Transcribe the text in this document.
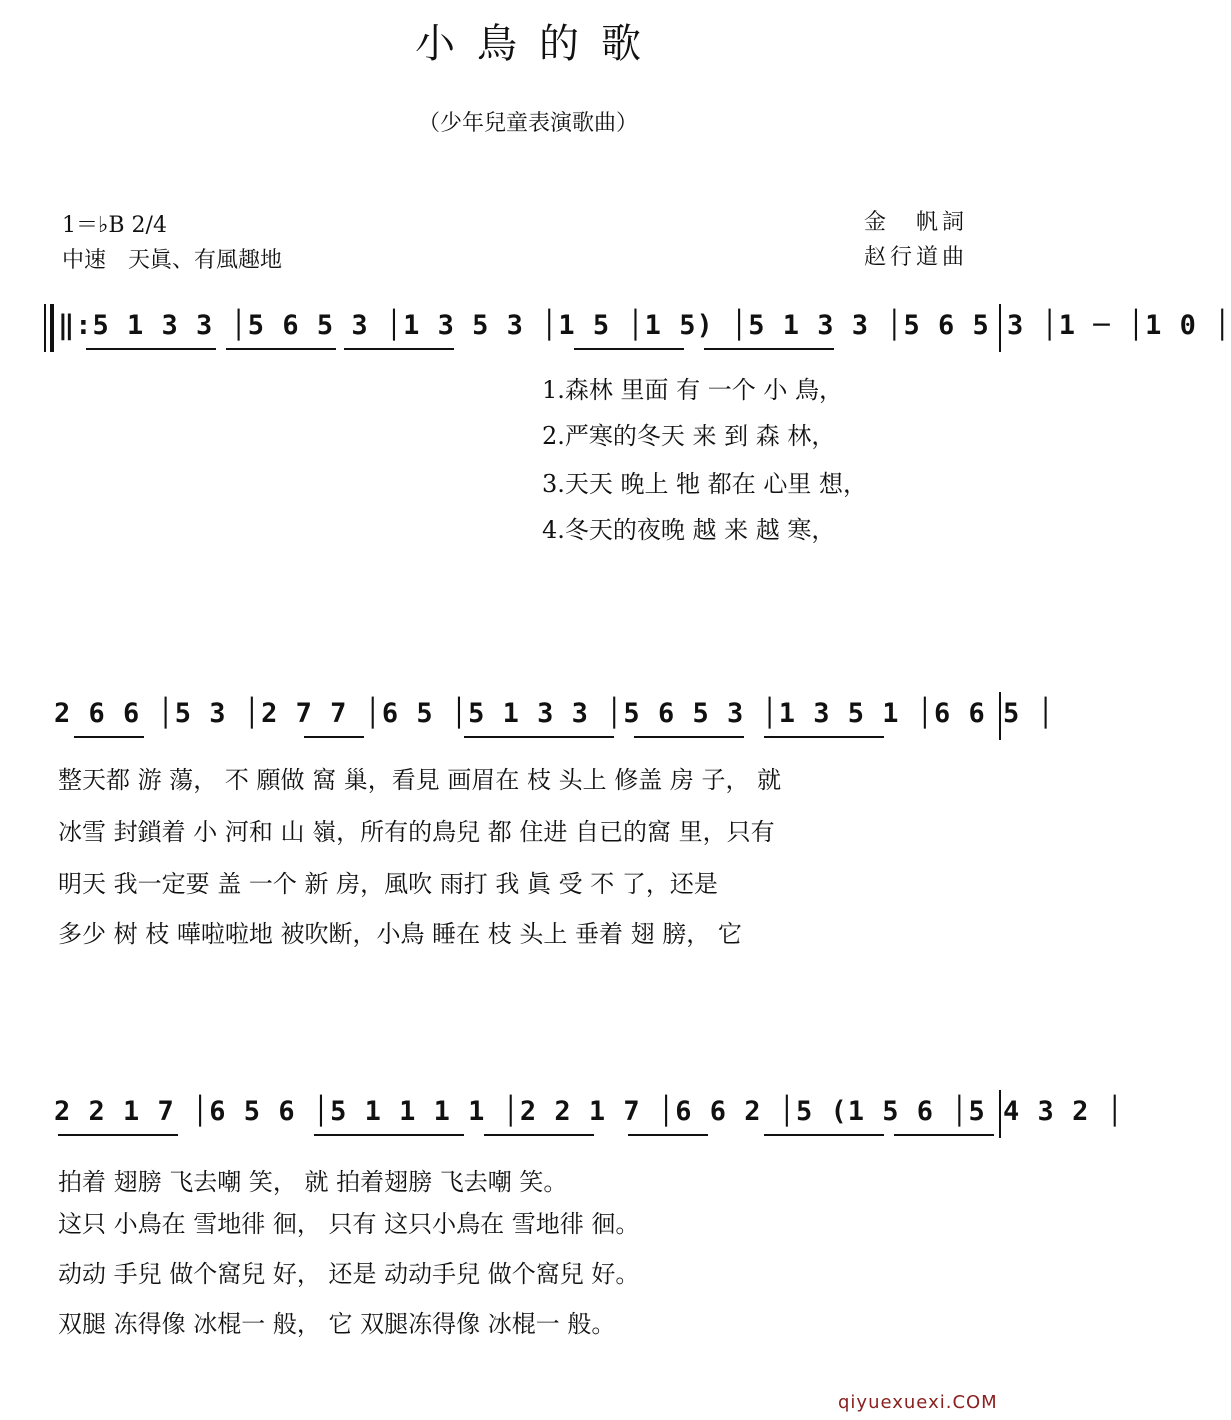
小鳥的歌
（少年兒童表演歌曲）
1＝♭B 2/4
中速　天眞、有風趣地
金　帆詞
赵行道曲
‖:5 1 3 3 │5 6 5 3 │1 3 5 3 │1 5 │1 5) │5 1 3 3 │5 6 5 3 │1 ─ │1 0 │
1.森林 里面 有 一个 小 鳥，
2.严寒的冬天 来 到 森 林，
3.天天 晚上 牠 都在 心里 想，
4.冬天的夜晚 越 来 越 寒，
2 6 6 │5 3 │2 7 7 │6 5 │5 1 3 3 │5 6 5 3 │1 3 5 1 │6 6 5 │
整天都 游 蕩， 不 願做 窩 巢，看見 画眉在 枝 头上 修盖 房 子， 就
冰雪 封鎖着 小 河和 山 嶺，所有的鳥兒 都 住进 自已的窩 里，只有
明天 我一定要 盖 一个 新 房，風吹 雨打 我 眞 受 不 了，还是
多少 树 枝 嘩啦啦地 被吹断，小鳥 睡在 枝 头上 垂着 翅 膀， 它
2 2 1 7 │6 5 6 │5 1 1 1 1 │2 2 1 7 │6 6 2 │5 (1 5 6 │5 4 3 2 │
拍着 翅膀 飞去嘲 笑， 就 拍着翅膀 飞去嘲 笑。
这只 小鳥在 雪地徘 徊， 只有 这只小鳥在 雪地徘 徊。
动动 手兒 做个窩兒 好， 还是 动动手兒 做个窩兒 好。
双腿 冻得像 冰棍一 般， 它 双腿冻得像 冰棍一 般。
qiyuexuexi.COM
